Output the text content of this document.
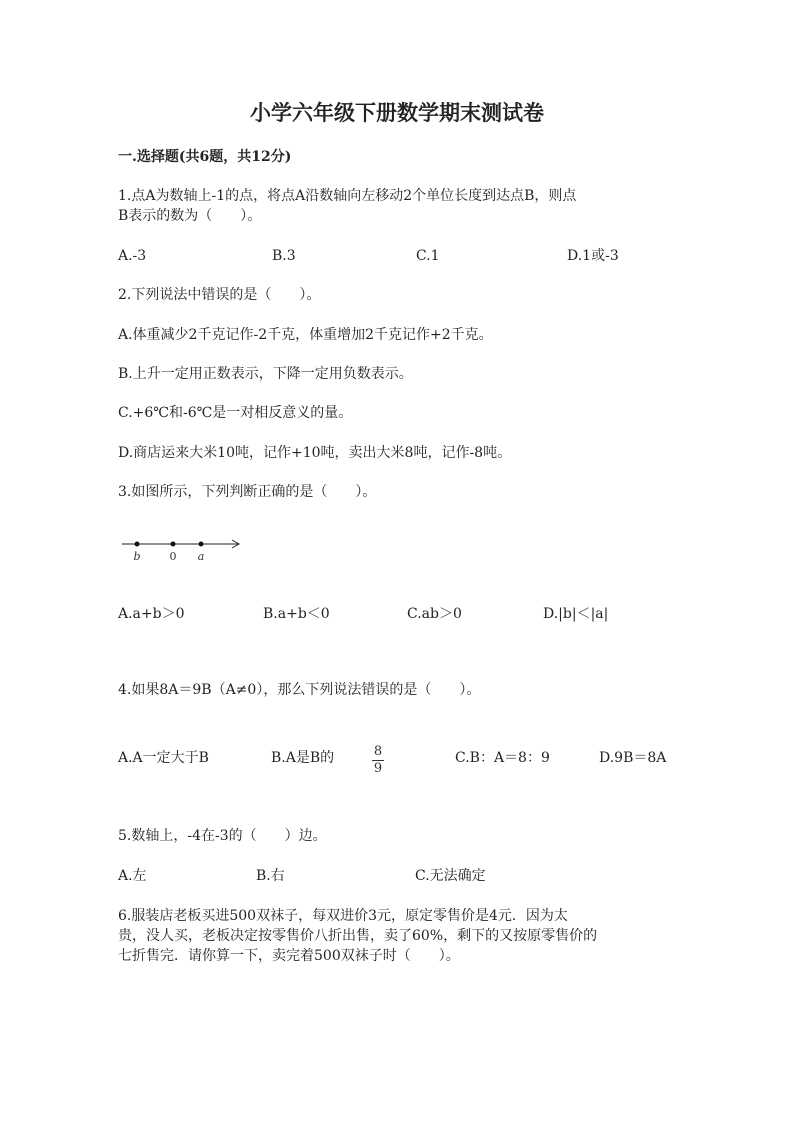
小学六年级下册数学期末测试卷
一.选择题(共6题，共12分)
1.点A为数轴上-1的点，将点A沿数轴向左移动2个单位长度到达点B，则点
B表示的数为（　　）。
A.-3	B.3	C.1	D.1或-3
2.下列说法中错误的是（　　）。
A.体重减少2千克记作-2千克，体重增加2千克记作+2千克。
B.上升一定用正数表示，下降一定用负数表示。
C.+6℃和-6℃是一对相反意义的量。
D.商店运来大米10吨，记作+10吨，卖出大米8吨，记作-8吨。
3.如图所示，下列判断正确的是（　　）。
b	0 a
A.a+b＞0	B.a+b＜0	C.ab＞0	D.|b|＜|a|
4.如果8A＝9B（A≠0），那么下列说法错误的是（　　）。
A.A一定大于B	B.A是B的	8
9
C.B：A＝8：9	D.9B＝8A
5.数轴上，-4在-3的（　　）边。
A.左	B.右	C.无法确定
6.服装店老板买进500双袜子，每双进价3元，原定零售价是4元．因为太
贵，没人买，老板决定按零售价八折出售，卖了60%，剩下的又按原零售价的
七折售完．请你算一下，卖完着500双袜子时（　　）。
